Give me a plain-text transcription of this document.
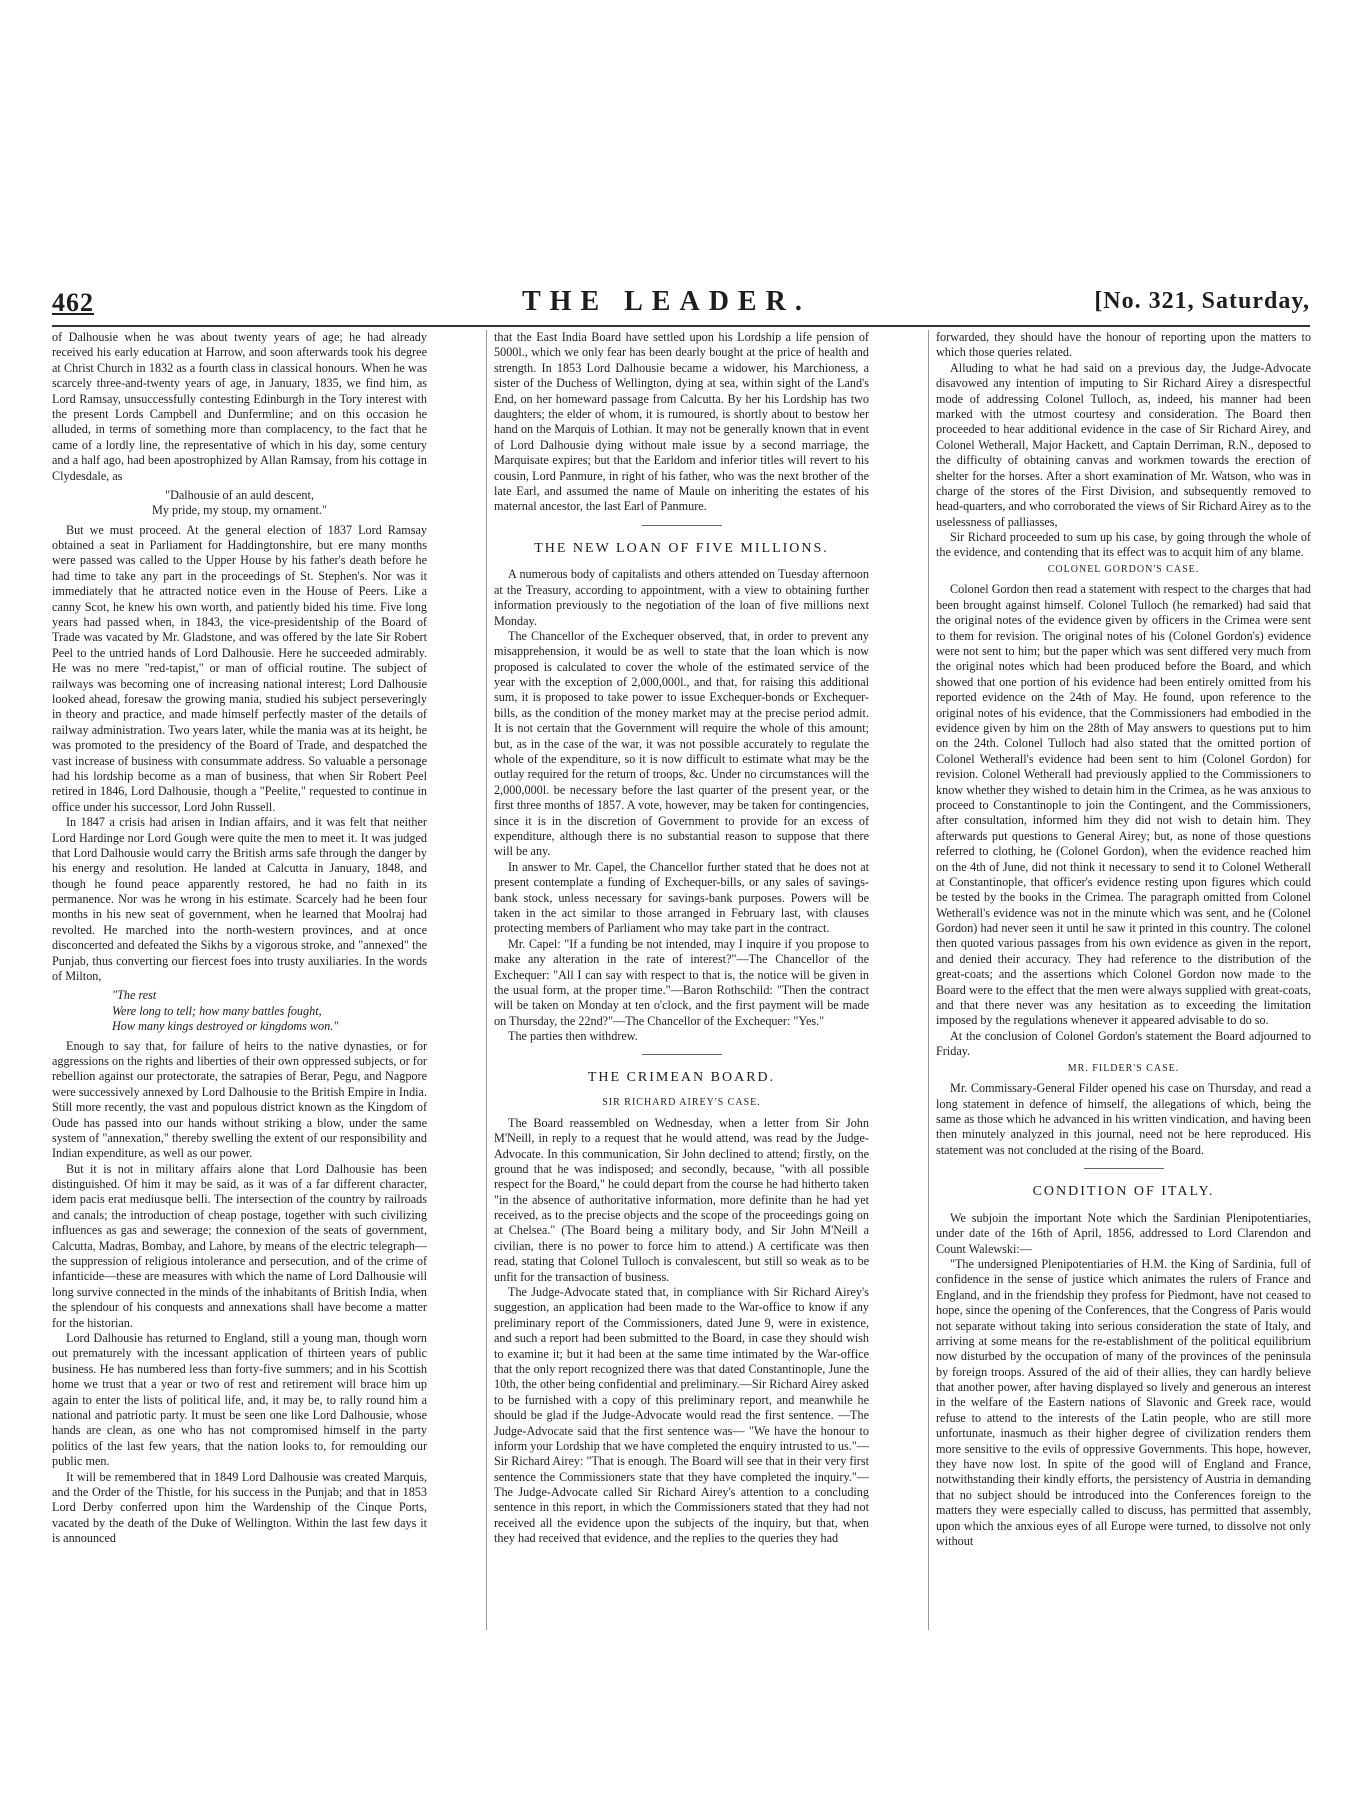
462	THE LEADER.	[No. 321, Saturday,

of Dalhousie when he was about twenty years of age; he had already received his early education at Harrow, and soon afterwards took his degree at Christ Church in 1832 as a fourth class in classical honours. When he was scarcely three-and-twenty years of age, in January, 1835, we find him, as Lord Ramsay, unsuccessfully contesting Edinburgh in the Tory interest with the present Lords Campbell and Dunfermline; and on this occasion he alluded, in terms of something more than complacency, to the fact that he came of a lordly line, the representative of which in his day, some century and a half ago, had been apostrophized by Allan Ramsay, from his cottage in Clydesdale, as

"Dalhousie of an auld descent,
My pride, my stoup, my ornament."

But we must proceed. At the general election of 1837 Lord Ramsay obtained a seat in Parliament for Haddingtonshire, but ere many months were passed was called to the Upper House by his father's death before he had time to take any part in the proceedings of St. Stephen's. Nor was it immediately that he attracted notice even in the House of Peers. Like a canny Scot, he knew his own worth, and patiently bided his time. Five long years had passed when, in 1843, the vice-presidentship of the Board of Trade was vacated by Mr. Gladstone, and was offered by the late Sir Robert Peel to the untried hands of Lord Dalhousie. Here he succeeded admirably. He was no mere "red-tapist," or man of official routine. The subject of railways was becoming one of increasing national interest; Lord Dalhousie looked ahead, foresaw the growing mania, studied his subject perseveringly in theory and practice, and made himself perfectly master of the details of railway administration. Two years later, while the mania was at its height, he was promoted to the presidency of the Board of Trade, and despatched the vast increase of business with consummate address. So valuable a personage had his lordship become as a man of business, that when Sir Robert Peel retired in 1846, Lord Dalhousie, though a "Peelite," requested to continue in office under his successor, Lord John Russell.

In 1847 a crisis had arisen in Indian affairs, and it was felt that neither Lord Hardinge nor Lord Gough were quite the men to meet it. It was judged that Lord Dalhousie would carry the British arms safe through the danger by his energy and resolution. He landed at Calcutta in January, 1848, and though he found peace apparently restored, he had no faith in its permanence. Nor was he wrong in his estimate. Scarcely had he been four months in his new seat of government, when he learned that Moolraj had revolted. He marched into the north-western provinces, and at once disconcerted and defeated the Sikhs by a vigorous stroke, and "annexed" the Punjab, thus converting our fiercest foes into trusty auxiliaries. In the words of Milton,

"The rest
Were long to tell; how many battles fought,
How many kings destroyed or kingdoms won."

Enough to say that, for failure of heirs to the native dynasties, or for aggressions on the rights and liberties of their own oppressed subjects, or for rebellion against our protectorate, the satrapies of Berar, Pegu, and Nagpore were successively annexed by Lord Dalhousie to the British Empire in India. Still more recently, the vast and populous district known as the Kingdom of Oude has passed into our hands without striking a blow, under the same system of "annexation," thereby swelling the extent of our responsibility and Indian expenditure, as well as our power.

But it is not in military affairs alone that Lord Dalhousie has been distinguished. Of him it may be said, as it was of a far different character, idem pacis erat mediusque belli. The intersection of the country by railroads and canals; the introduction of cheap postage, together with such civilizing influences as gas and sewerage; the connexion of the seats of government, Calcutta, Madras, Bombay, and Lahore, by means of the electric telegraph—the suppression of religious intolerance and persecution, and of the crime of infanticide—these are measures with which the name of Lord Dalhousie will long survive connected in the minds of the inhabitants of British India, when the splendour of his conquests and annexations shall have become a matter for the historian.

Lord Dalhousie has returned to England, still a young man, though worn out prematurely with the incessant application of thirteen years of public business. He has numbered less than forty-five summers; and in his Scottish home we trust that a year or two of rest and retirement will brace him up again to enter the lists of political life, and, it may be, to rally round him a national and patriotic party. It must be seen one like Lord Dalhousie, whose hands are clean, as one who has not compromised himself in the party politics of the last few years, that the nation looks to, for remoulding our public men.

It will be remembered that in 1849 Lord Dalhousie was created Marquis, and the Order of the Thistle, for his success in the Punjab; and that in 1853 Lord Derby conferred upon him the Wardenship of the Cinque Ports, vacated by the death of the Duke of Wellington. Within the last few days it is announced

that the East India Board have settled upon his Lordship a life pension of 5000l., which we only fear has been dearly bought at the price of health and strength. In 1853 Lord Dalhousie became a widower, his Marchioness, a sister of the Duchess of Wellington, dying at sea, within sight of the Land's End, on her homeward passage from Calcutta. By her his Lordship has two daughters; the elder of whom, it is rumoured, is shortly about to bestow her hand on the Marquis of Lothian. It may not be generally known that in event of Lord Dalhousie dying without male issue by a second marriage, the Marquisate expires; but that the Earldom and inferior titles will revert to his cousin, Lord Panmure, in right of his father, who was the next brother of the late Earl, and assumed the name of Maule on inheriting the estates of his maternal ancestor, the last Earl of Panmure.

THE NEW LOAN OF FIVE MILLIONS.

A numerous body of capitalists and others attended on Tuesday afternoon at the Treasury, according to appointment, with a view to obtaining further information previously to the negotiation of the loan of five millions next Monday.

The Chancellor of the Exchequer observed, that, in order to prevent any misapprehension, it would be as well to state that the loan which is now proposed is calculated to cover the whole of the estimated service of the year with the exception of 2,000,000l., and that, for raising this additional sum, it is proposed to take power to issue Exchequer-bonds or Exchequer-bills, as the condition of the money market may at the precise period admit. It is not certain that the Government will require the whole of this amount; but, as in the case of the war, it was not possible accurately to regulate the whole of the expenditure, so it is now difficult to estimate what may be the outlay required for the return of troops, &c. Under no circumstances will the 2,000,000l. be necessary before the last quarter of the present year, or the first three months of 1857. A vote, however, may be taken for contingencies, since it is in the discretion of Government to provide for an excess of expenditure, although there is no substantial reason to suppose that there will be any.

In answer to Mr. Capel, the Chancellor further stated that he does not at present contemplate a funding of Exchequer-bills, or any sales of savings-bank stock, unless necessary for savings-bank purposes. Powers will be taken in the act similar to those arranged in February last, with clauses protecting members of Parliament who may take part in the contract.

Mr. Capel: "If a funding be not intended, may I inquire if you propose to make any alteration in the rate of interest?"—The Chancellor of the Exchequer: "All I can say with respect to that is, the notice will be given in the usual form, at the proper time."—Baron Rothschild: "Then the contract will be taken on Monday at ten o'clock, and the first payment will be made on Thursday, the 22nd?"—The Chancellor of the Exchequer: "Yes."

The parties then withdrew.

THE CRIMEAN BOARD.
SIR RICHARD AIREY'S CASE.

The Board reassembled on Wednesday, when a letter from Sir John M'Neill, in reply to a request that he would attend, was read by the Judge-Advocate. In this communication, Sir John declined to attend; firstly, on the ground that he was indisposed; and secondly, because, "with all possible respect for the Board," he could depart from the course he had hitherto taken "in the absence of authoritative information, more definite than he had yet received, as to the precise objects and the scope of the proceedings going on at Chelsea." (The Board being a military body, and Sir John M'Neill a civilian, there is no power to force him to attend.) A certificate was then read, stating that Colonel Tulloch is convalescent, but still so weak as to be unfit for the transaction of business.

The Judge-Advocate stated that, in compliance with Sir Richard Airey's suggestion, an application had been made to the War-office to know if any preliminary report of the Commissioners, dated June 9, were in existence, and such a report had been submitted to the Board, in case they should wish to examine it; but it had been at the same time intimated by the War-office that the only report recognized there was that dated Constantinople, June the 10th, the other being confidential and preliminary.—Sir Richard Airey asked to be furnished with a copy of this preliminary report, and meanwhile he should be glad if the Judge-Advocate would read the first sentence. —The Judge-Advocate said that the first sentence was— "We have the honour to inform your Lordship that we have completed the enquiry intrusted to us."—Sir Richard Airey: "That is enough. The Board will see that in their very first sentence the Commissioners state that they have completed the inquiry."—The Judge-Advocate called Sir Richard Airey's attention to a concluding sentence in this report, in which the Commissioners stated that they had not received all the evidence upon the subjects of the inquiry, but that, when they had received that evidence, and the replies to the queries they had

forwarded, they should have the honour of reporting upon the matters to which those queries related.

Alluding to what he had said on a previous day, the Judge-Advocate disavowed any intention of imputing to Sir Richard Airey a disrespectful mode of addressing Colonel Tulloch, as, indeed, his manner had been marked with the utmost courtesy and consideration. The Board then proceeded to hear additional evidence in the case of Sir Richard Airey, and Colonel Wetherall, Major Hackett, and Captain Derriman, R.N., deposed to the difficulty of obtaining canvas and workmen towards the erection of shelter for the horses. After a short examination of Mr. Watson, who was in charge of the stores of the First Division, and subsequently removed to head-quarters, and who corroborated the views of Sir Richard Airey as to the uselessness of palliasses,

Sir Richard proceeded to sum up his case, by going through the whole of the evidence, and contending that its effect was to acquit him of any blame.

COLONEL GORDON'S CASE.

Colonel Gordon then read a statement with respect to the charges that had been brought against himself. Colonel Tulloch (he remarked) had said that the original notes of the evidence given by officers in the Crimea were sent to them for revision. The original notes of his (Colonel Gordon's) evidence were not sent to him; but the paper which was sent differed very much from the original notes which had been produced before the Board, and which showed that one portion of his evidence had been entirely omitted from his reported evidence on the 24th of May. He found, upon reference to the original notes of his evidence, that the Commissioners had embodied in the evidence given by him on the 28th of May answers to questions put to him on the 24th. Colonel Tulloch had also stated that the omitted portion of Colonel Wetherall's evidence had been sent to him (Colonel Gordon) for revision. Colonel Wetherall had previously applied to the Commissioners to know whether they wished to detain him in the Crimea, as he was anxious to proceed to Constantinople to join the Contingent, and the Commissioners, after consultation, informed him they did not wish to detain him. They afterwards put questions to General Airey; but, as none of those questions referred to clothing, he (Colonel Gordon), when the evidence reached him on the 4th of June, did not think it necessary to send it to Colonel Wetherall at Constantinople, that officer's evidence resting upon figures which could be tested by the books in the Crimea. The paragraph omitted from Colonel Wetherall's evidence was not in the minute which was sent, and he (Colonel Gordon) had never seen it until he saw it printed in this country. The colonel then quoted various passages from his own evidence as given in the report, and denied their accuracy. They had reference to the distribution of the great-coats; and the assertions which Colonel Gordon now made to the Board were to the effect that the men were always supplied with great-coats, and that there never was any hesitation as to exceeding the limitation imposed by the regulations whenever it appeared advisable to do so.

At the conclusion of Colonel Gordon's statement the Board adjourned to Friday.

MR. FILDER'S CASE.

Mr. Commissary-General Filder opened his case on Thursday, and read a long statement in defence of himself, the allegations of which, being the same as those which he advanced in his written vindication, and having been then minutely analyzed in this journal, need not be here reproduced. His statement was not concluded at the rising of the Board.

CONDITION OF ITALY.

We subjoin the important Note which the Sardinian Plenipotentiaries, under date of the 16th of April, 1856, addressed to Lord Clarendon and Count Walewski:—

"The undersigned Plenipotentiaries of H.M. the King of Sardinia, full of confidence in the sense of justice which animates the rulers of France and England, and in the friendship they profess for Piedmont, have not ceased to hope, since the opening of the Conferences, that the Congress of Paris would not separate without taking into serious consideration the state of Italy, and arriving at some means for the re-establishment of the political equilibrium now disturbed by the occupation of many of the provinces of the peninsula by foreign troops. Assured of the aid of their allies, they can hardly believe that another power, after having displayed so lively and generous an interest in the welfare of the Eastern nations of Slavonic and Greek race, would refuse to attend to the interests of the Latin people, who are still more unfortunate, inasmuch as their higher degree of civilization renders them more sensitive to the evils of oppressive Governments. This hope, however, they have now lost. In spite of the good will of England and France, notwithstanding their kindly efforts, the persistency of Austria in demanding that no subject should be introduced into the Conferences foreign to the matters they were especially called to discuss, has permitted that assembly, upon which the anxious eyes of all Europe were turned, to dissolve not only without
